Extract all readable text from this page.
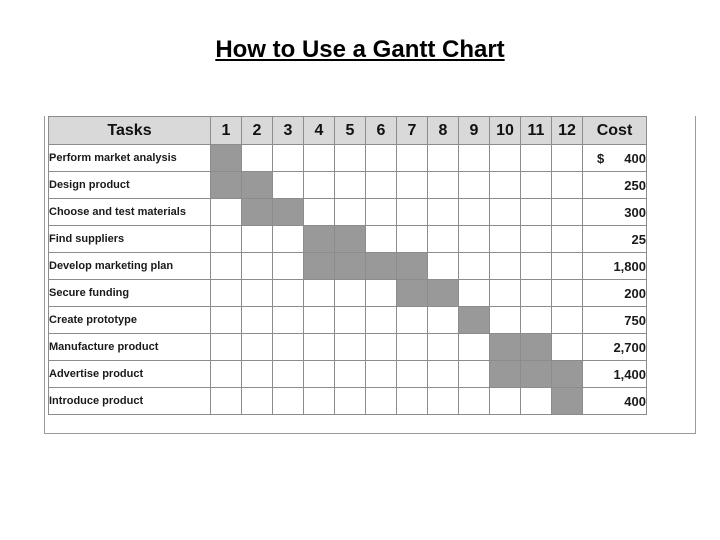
How to Use a Gantt Chart
Tasks	1	2	3	4	5	6	7	8	9	10	11	12	Cost
Perform market analysis													$ 400
Design product													250
Choose and test materials													300
Find suppliers													25
Develop marketing plan													1,800
Secure funding													200
Create prototype													750
Manufacture product													2,700
Advertise product													1,400
Introduce product													400
